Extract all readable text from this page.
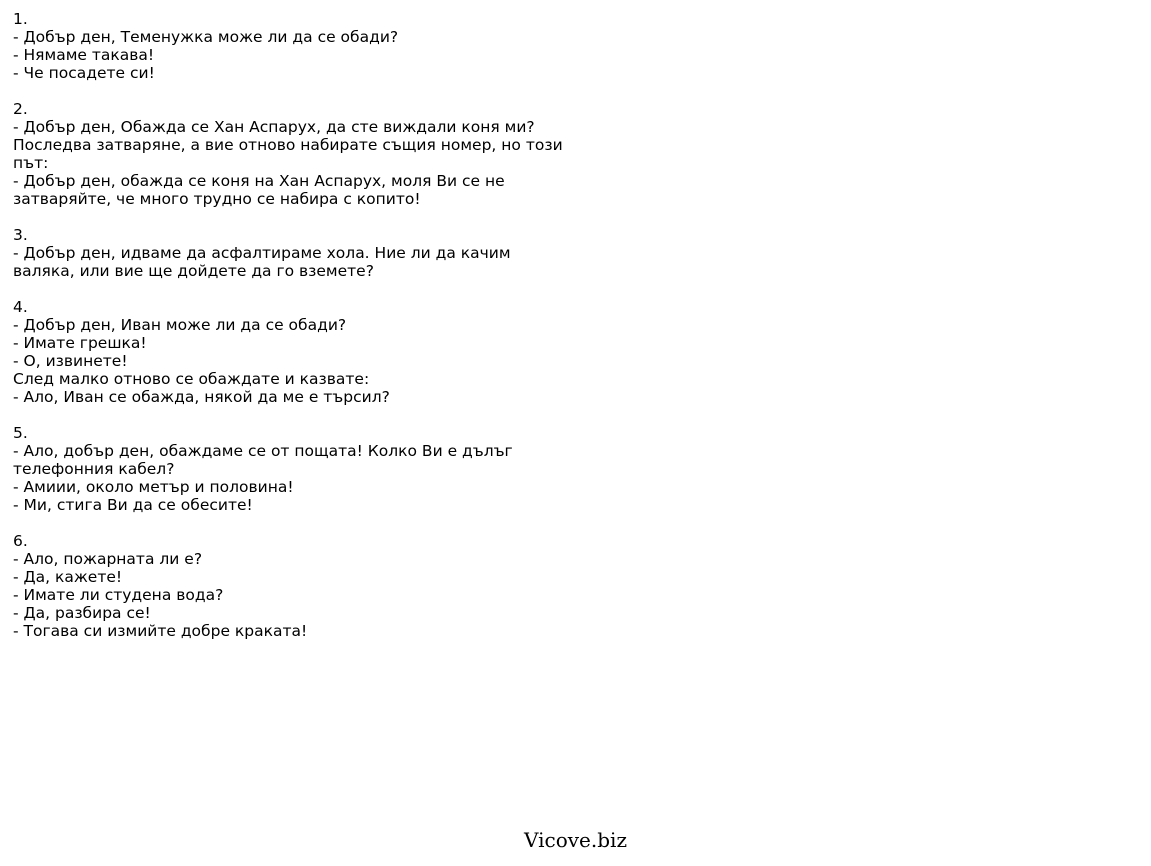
1.
- Добър ден, Теменужка може ли да се обади?
- Нямаме такава!
- Че посадете си!
2.
- Добър ден, Обажда се Хан Аспарух, да сте виждали коня ми?
Последва затваряне, а вие отново набирате същия номер, но този път:
- Добър ден, обажда се коня на Хан Аспарух, моля Ви се не затваряйте, че много трудно се набира с копито!
3.
- Добър ден, идваме да асфалтираме хола. Ние ли да качим валяка, или вие ще дойдете да го вземете?
4.
- Добър ден, Иван може ли да се обади?
- Имате грешка!
- О, извинете!
След малко отново се обаждате и казвате:
- Ало, Иван се обажда, някой да ме е търсил?
5.
- Ало, добър ден, обаждаме се от пощата! Колко Ви е дълъг телефонния кабел?
- Амиии, около метър и половина!
- Ми, стига Ви да се обесите!
6.
- Ало, пожарната ли е?
- Да, кажете!
- Имате ли студена вода?
- Да, разбира се!
- Тогава си измийте добре краката!
Vicove.biz
